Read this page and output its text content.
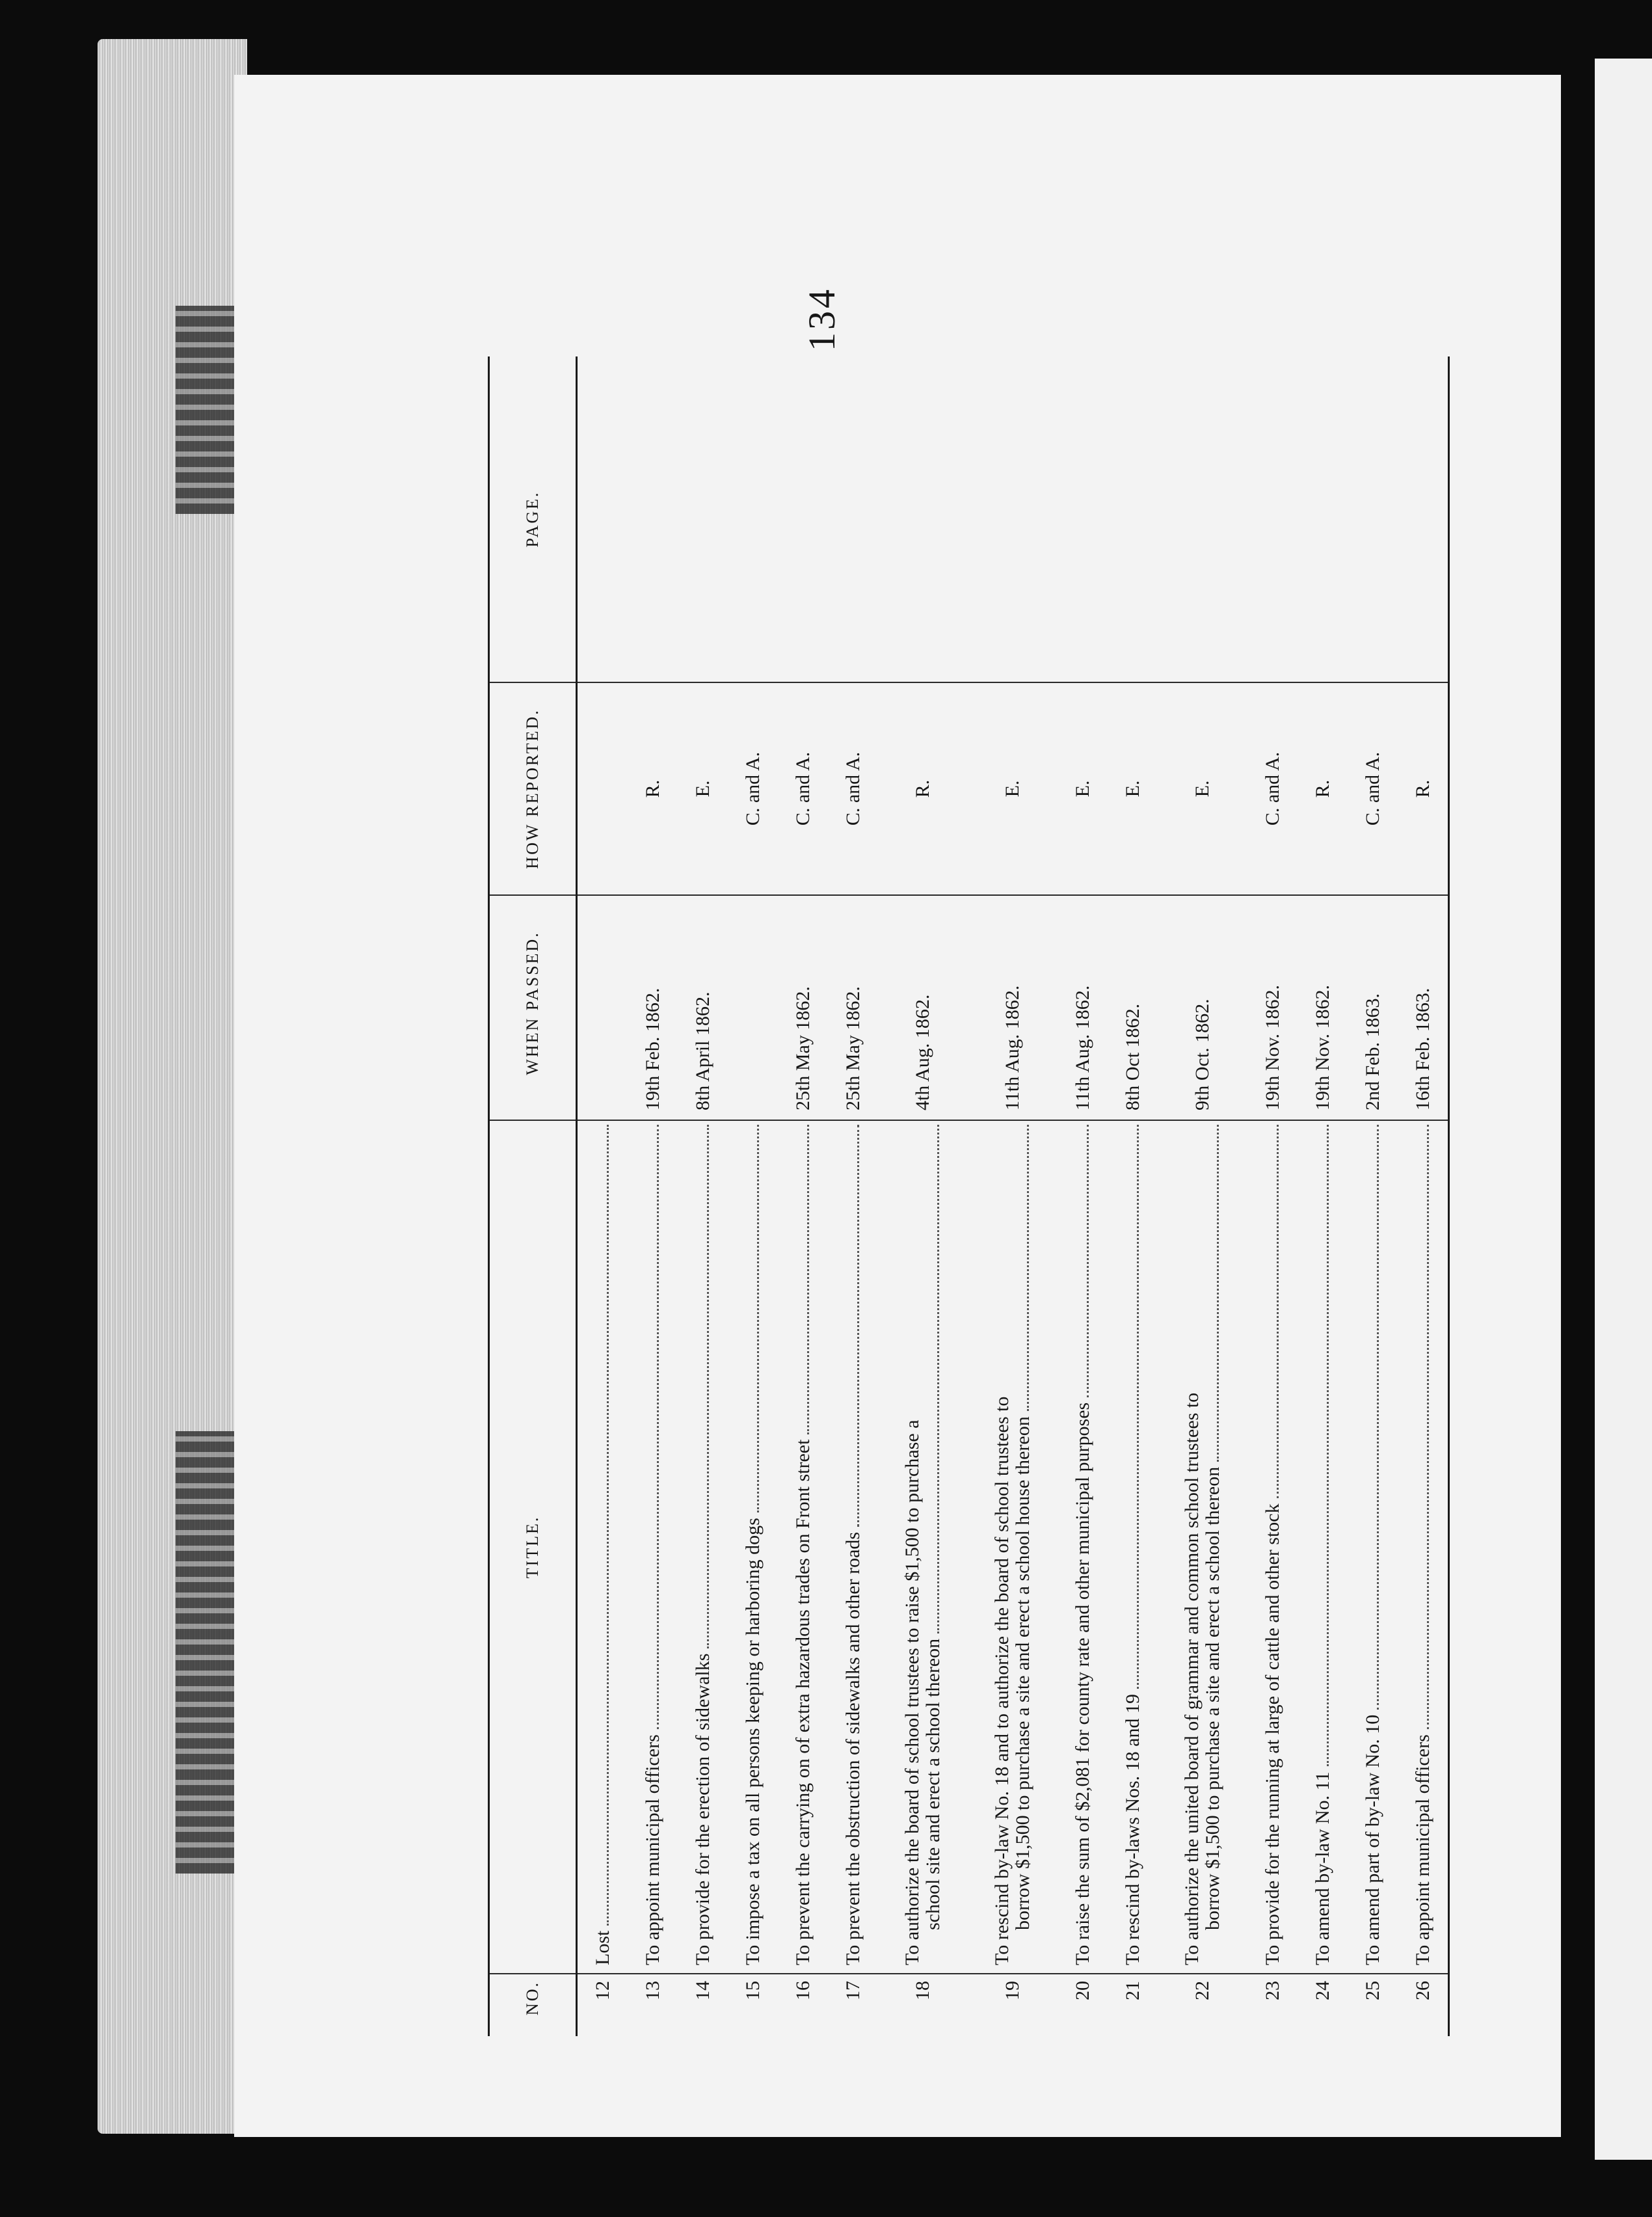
NO.	TITLE.	WHEN PASSED.	HOW REPORTED.	PAGE.
12	Lost			

13	To appoint municipal officers	19th Feb. 1862.	R.	
14	To provide for the erection of sidewalks	8th April 1862.	E.	
15	To impose a tax on all persons keeping or harboring dogs		C. and A.	
16	To prevent the carrying on of extra hazardous trades on Front street	25th May 1862.	C. and A.	
17	To prevent the obstruction of sidewalks and other roads	25th May 1862.	C. and A.	
18	To authorize the board of school trustees to raise $1,500 to purchase a school site and erect a school thereon	4th Aug. 1862.	R.	
19	To rescind by-law No. 18 and to authorize the board of school trustees to borrow $1,500 to purchase a site and erect a school house thereon	11th Aug. 1862.	E.	
20	To raise the sum of $2,081 for county rate and other municipal purposes	11th Aug. 1862.	E.	
21	To rescind by-laws Nos. 18 and 19	8th Oct 1862.	E.	
22	To authorize the united board of grammar and common school trustees to borrow $1,500 to purchase a site and erect a school thereon	9th Oct. 1862.	E.	
23	To provide for the running at large of cattle and other stock	19th Nov. 1862.	C. and A.	
24	To amend by-law No. 11	19th Nov. 1862.	R.	
25	To amend part of by-law No. 10	2nd Feb. 1863.	C. and A.	
26	To appoint municipal officers	16th Feb. 1863.	R.	
134
